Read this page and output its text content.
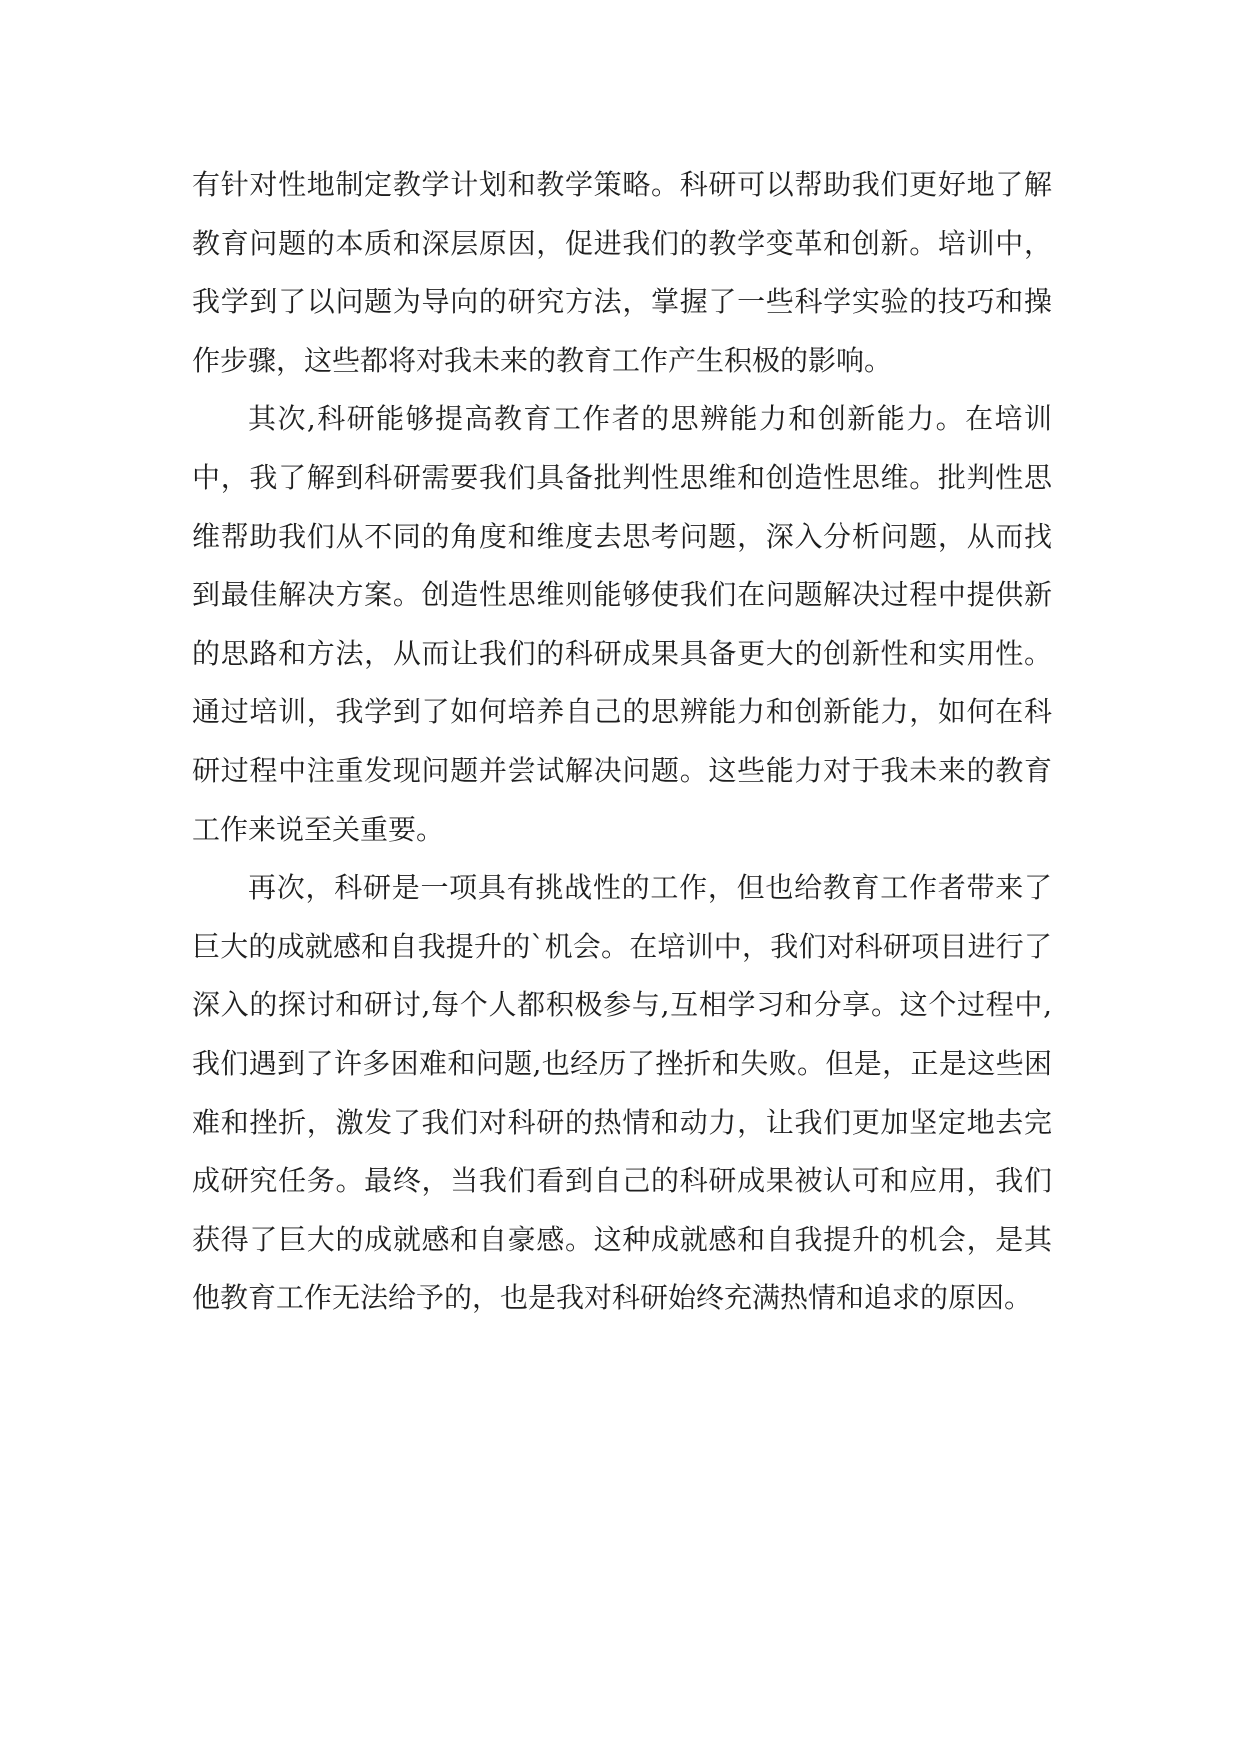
有针对性地制定教学计划和教学策略。科研可以帮助我们更好地了解教育问题的本质和深层原因，促进我们的教学变革和创新。培训中，我学到了以问题为导向的研究方法，掌握了一些科学实验的技巧和操作步骤，这些都将对我未来的教育工作产生积极的影响。

其次,科研能够提高教育工作者的思辨能力和创新能力。在培训中，我了解到科研需要我们具备批判性思维和创造性思维。批判性思维帮助我们从不同的角度和维度去思考问题，深入分析问题，从而找到最佳解决方案。创造性思维则能够使我们在问题解决过程中提供新的思路和方法，从而让我们的科研成果具备更大的创新性和实用性。通过培训，我学到了如何培养自己的思辨能力和创新能力，如何在科研过程中注重发现问题并尝试解决问题。这些能力对于我未来的教育工作来说至关重要。

再次，科研是一项具有挑战性的工作，但也给教育工作者带来了巨大的成就感和自我提升的`机会。在培训中，我们对科研项目进行了深入的探讨和研讨,每个人都积极参与,互相学习和分享。这个过程中,我们遇到了许多困难和问题,也经历了挫折和失败。但是，正是这些困难和挫折，激发了我们对科研的热情和动力，让我们更加坚定地去完成研究任务。最终，当我们看到自己的科研成果被认可和应用，我们获得了巨大的成就感和自豪感。这种成就感和自我提升的机会，是其他教育工作无法给予的，也是我对科研始终充满热情和追求的原因。
